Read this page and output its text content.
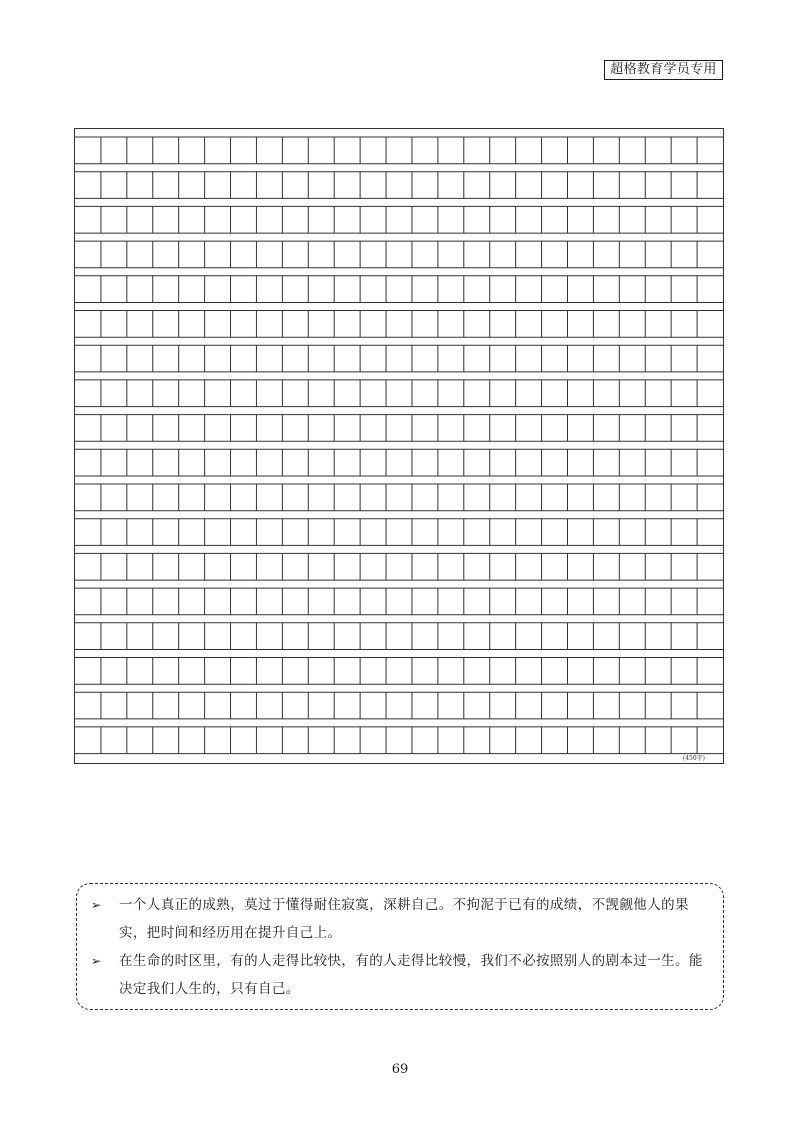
超格教育学员专用
(450字)
➢ 一个人真正的成熟，莫过于懂得耐住寂寞，深耕自己。不拘泥于已有的成绩，不觊觎他人的果实，把时间和经历用在提升自己上。
➢ 在生命的时区里，有的人走得比较快，有的人走得比较慢，我们不必按照别人的剧本过一生。能决定我们人生的，只有自己。
69
